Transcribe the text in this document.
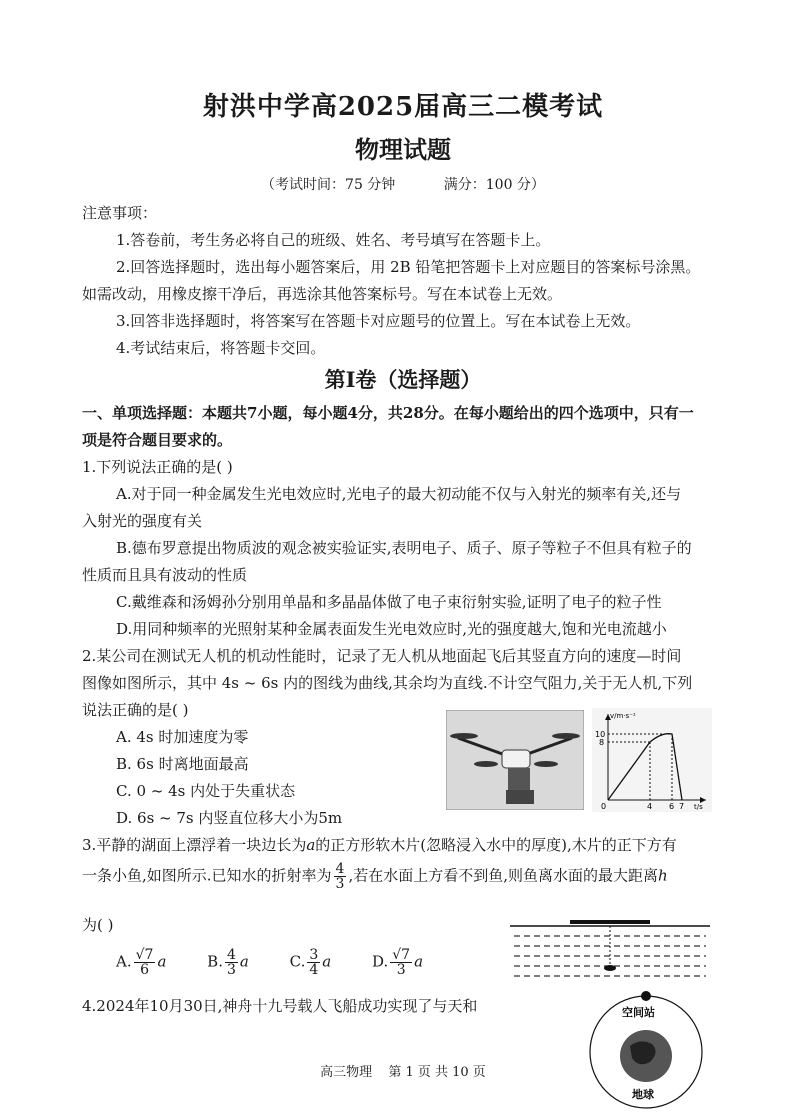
射洪中学高2025届高三二模考试
物理试题
（考试时间：75 分钟	满分：100 分）
注意事项：
1.答卷前，考生务必将自己的班级、姓名、考号填写在答题卡上。
2.回答选择题时，选出每小题答案后，用 2B 铅笔把答题卡上对应题目的答案标号涂黑。
如需改动，用橡皮擦干净后，再选涂其他答案标号。写在本试卷上无效。
3.回答非选择题时，将答案写在答题卡对应题号的位置上。写在本试卷上无效。
4.考试结束后，将答题卡交回。
第Ⅰ卷（选择题）
一、单项选择题：本题共7小题，每小题4分，共28分。在每小题给出的四个选项中，只有一
项是符合题目要求的。
1.下列说法正确的是( )
A.对于同一种金属发生光电效应时,光电子的最大初动能不仅与入射光的频率有关,还与
入射光的强度有关
B.德布罗意提出物质波的观念被实验证实,表明电子、质子、原子等粒子不但具有粒子的
性质而且具有波动的性质
C.戴维森和汤姆孙分别用单晶和多晶晶体做了电子束衍射实验,证明了电子的粒子性
D.用同种频率的光照射某种金属表面发生光电效应时,光的强度越大,饱和光电流越小
2.某公司在测试无人机的机动性能时，记录了无人机从地面起飞后其竖直方向的速度—时间
图像如图所示，其中 4s ~ 6s 内的图线为曲线,其余均为直线.不计空气阻力,关于无人机,下列
说法正确的是( )
A. 4s 时加速度为零
B. 6s 时离地面最高
C. 0 ~ 4s 内处于失重状态
D. 6s ~ 7s 内竖直位移大小为5m
v/m·s⁻¹
10
8
0	4 6 7 t/s
3.平静的湖面上漂浮着一块边长为a的正方形软木片(忽略浸入水中的厚度),木片的正下方有
一条小鱼,如图所示.已知水的折射率为 $\frac{4}{3}$ ,若在水面上方看不到鱼,则鱼离水面的最大距离h
为( )
A. $\frac{√7}{6}$ a	B. $\frac{4}{3}$ a	C. $\frac{3}{4}$ a	D. $\frac{√7}{3}$ a
4.2024年10月30日,神舟十九号载人飞船成功实现了与天和	空间站
地球
高三物理 第 1 页 共 10 页
